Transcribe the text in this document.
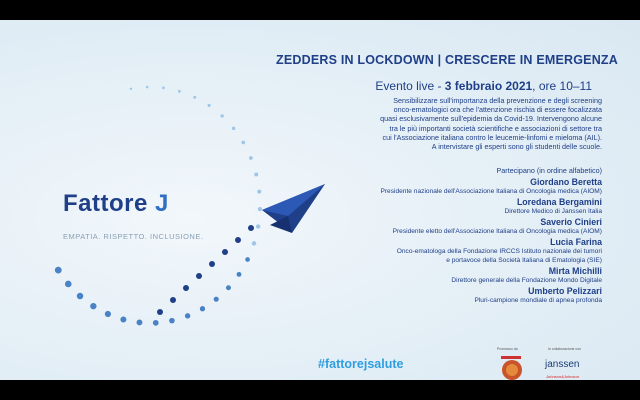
ZEDDERS IN LOCKDOWN | CRESCERE IN EMERGENZA
Evento live - 3 febbraio 2021, ore 10–11
Sensibilizzare sull'importanza della prevenzione e degli screening
onco-ematologici ora che l'attenzione rischia di essere focalizzata
quasi esclusivamente sull'epidemia da Covid-19. Intervengono alcune
tra le più importanti società scientifiche e associazioni di settore tra
cui l'Associazione italiana contro le leucemie-linfomi e mieloma (AIL).
A intervistare gli esperti sono gli studenti delle scuole.
Partecipano (in ordine alfabetico)
Giordano Beretta
Presidente nazionale dell'Associazione Italiana di Oncologia medica (AIOM)
Loredana Bergamini
Direttore Medico di Janssen Italia
Saverio Cinieri
Presidente eletto dell'Associazione Italiana di Oncologia medica (AIOM)
Lucia Farina
Onco-ematologa della Fondazione IRCCS Istituto nazionale dei tumori
e portavoce della Società Italiana di Ematologia (SIE)
Mirta Michilli
Direttore generale della Fondazione Mondo Digitale
Umberto Pelizzari
Pluri-campione mondiale di apnea profonda
Fattore J
EMPATIA. RISPETTO. INCLUSIONE.
#fattorejsalute
Promosso da	In collaborazione con
janssen
Johnson&Johnson
